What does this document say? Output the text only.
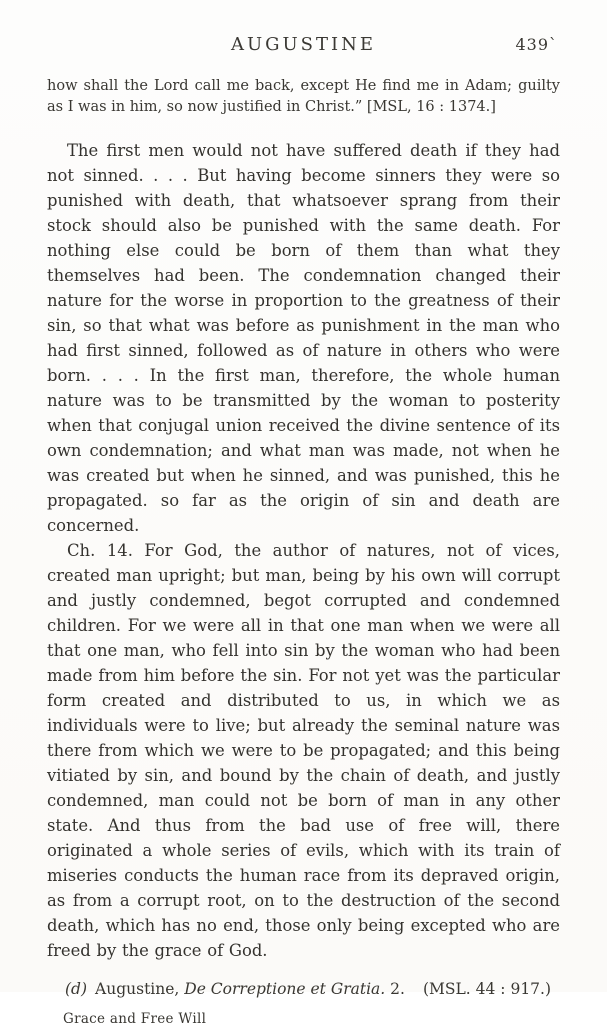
AUGUSTINE	439`

how shall the Lord call me back, except He find me in Adam; guilty as I was in him, so now justified in Christ.” [MSL, 16 : 1374.]

The first men would not have suffered death if they had not sinned. . . . But having become sinners they were so punished with death, that whatsoever sprang from their stock should also be punished with the same death. For nothing else could be born of them than what they themselves had been. The condemnation changed their nature for the worse in proportion to the greatness of their sin, so that what was before as punishment in the man who had first sinned, followed as of nature in others who were born. . . . In the first man, therefore, the whole human nature was to be transmitted by the woman to posterity when that conjugal union received the divine sentence of its own condemnation; and what man was made, not when he was created but when he sinned, and was punished, this he propagated. so far as the origin of sin and death are concerned.

Ch. 14. For God, the author of natures, not of vices, created man upright; but man, being by his own will corrupt and justly condemned, begot corrupted and condemned children. For we were all in that one man when we were all that one man, who fell into sin by the woman who had been made from him before the sin. For not yet was the particular form created and distributed to us, in which we as individuals were to live; but already the seminal nature was there from which we were to be propagated; and this being vitiated by sin, and bound by the chain of death, and justly condemned, man could not be born of man in any other state. And thus from the bad use of free will, there originated a whole series of evils, which with its train of miseries conducts the human race from its depraved origin, as from a corrupt root, on to the destruction of the second death, which has no end, those only being excepted who are freed by the grace of God.

(d) Augustine, De Correptione et Gratia. 2. (MSL. 44 : 917.)

Grace and Free Will
